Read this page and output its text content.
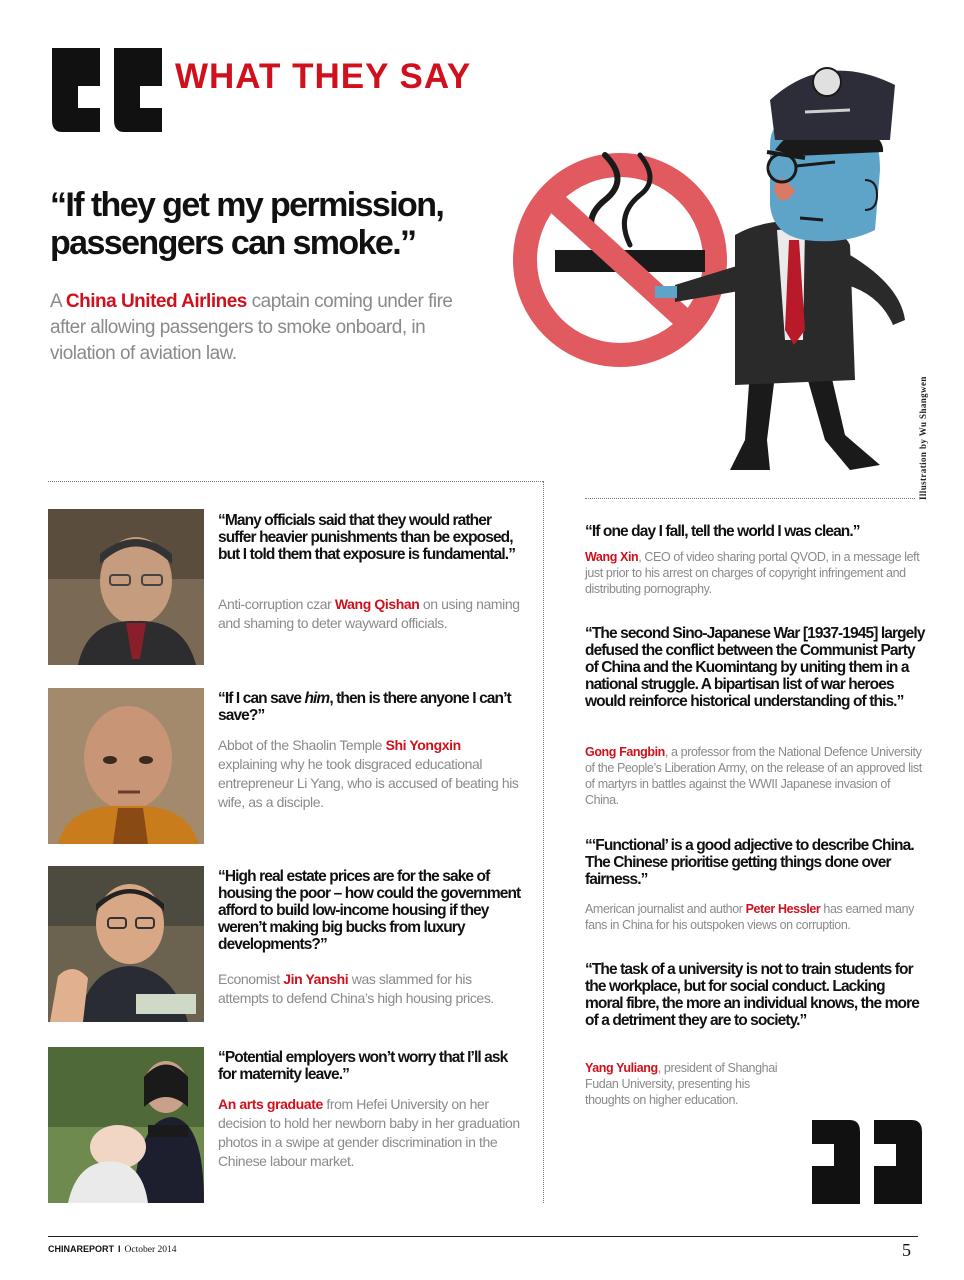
WHAT THEY SAY
“If they get my permission, passengers can smoke.”
A China United Airlines captain coming under fire after allowing passengers to smoke onboard, in violation of aviation law.
Illustration by Wu Shangwen
“Many officials said that they would rather suffer heavier punishments than be exposed, but I told them that exposure is fundamental.”
Anti-corruption czar Wang Qishan on using naming and shaming to deter wayward officials.
“If I can save him, then is there anyone I can’t save?”
Abbot of the Shaolin Temple Shi Yongxin explaining why he took disgraced educational entrepreneur Li Yang, who is accused of beating his wife, as a disciple.
“High real estate prices are for the sake of housing the poor – how could the government afford to build low-income housing if they weren’t making big bucks from luxury developments?”
Economist Jin Yanshi was slammed for his attempts to defend China’s high housing prices.
“Potential employers won’t worry that I’ll ask for maternity leave.”
An arts graduate from Hefei University on her decision to hold her newborn baby in her graduation photos in a swipe at gender discrimination in the Chinese labour market.
“If one day I fall, tell the world I was clean.”
Wang Xin, CEO of video sharing portal QVOD, in a message left just prior to his arrest on charges of copyright infringement and distributing pornography.
“The second Sino-Japanese War [1937-1945] largely defused the conflict between the Communist Party of China and the Kuomintang by uniting them in a national struggle. A bipartisan list of war heroes would reinforce historical understanding of this.”
Gong Fangbin, a professor from the National Defence University of the People’s Liberation Army, on the release of an approved list of martyrs in battles against the WWII Japanese invasion of China.
“‘Functional’ is a good adjective to describe China. The Chinese prioritise getting things done over fairness.”
American journalist and author Peter Hessler has earned many fans in China for his outspoken views on corruption.
“The task of a university is not to train students for the workplace, but for social conduct. Lacking moral fibre, the more an individual knows, the more of a detriment they are to society.”
Yang Yuliang, president of Shanghai Fudan University, presenting his thoughts on higher education.
CHINAREPORT I October 2014	5
